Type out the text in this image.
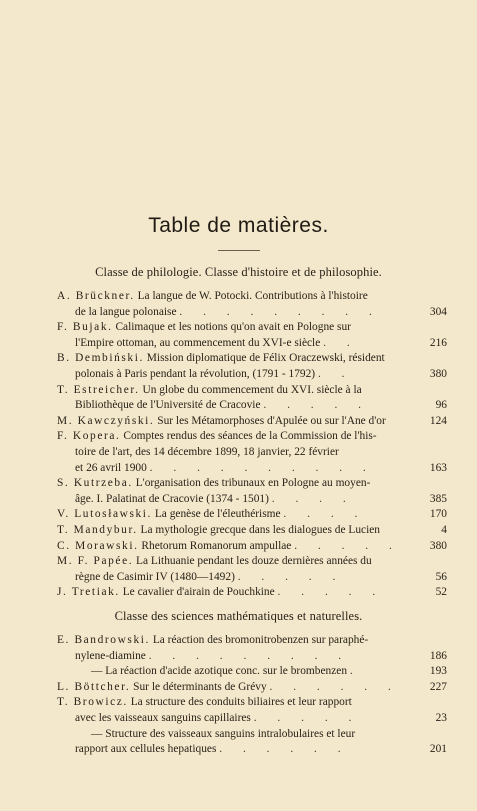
Table de matières.
Classe de philologie. Classe d'histoire et de philosophie.
A. Brückner. La langue de W. Potocki. Contributions à l'histoire
de la langue polonaise . . . . . . . . .	304
F. Bujak. Calimaque et les notions qu'on avait en Pologne sur
l'Empire ottoman, au commencement du XVI-e siècle . .	216
B. Dembiński. Mission diplomatique de Félix Oraczewski, résident
polonais à Paris pendant la révolution, (1791 - 1792) . .	380
T. Estreicher. Un globe du commencement du XVI. siècle à la
Bibliothèque de l'Université de Cracovie . . . . .	96
M. Kawczyński. Sur les Métamorphoses d'Apulée ou sur l'Ane d'or	124
F. Kopera. Comptes rendus des séances de la Commission de l'his-
toire de l'art, des 14 décembre 1899, 18 janvier, 22 février
et 26 avril 1900 . . . . . . . . . .	163
S. Kutrzeba. L'organisation des tribunaux en Pologne au moyen-
âge. I. Palatinat de Cracovie (1374 - 1501) . . . .	385
V. Lutosławski. La genèse de l'éleuthérisme . . . .	170
T. Mandybur. La mythologie grecque dans les dialogues de Lucien	4
C. Morawski. Rhetorum Romanorum ampullae . . . . .	380
M. F. Papée. La Lithuanie pendant les douze dernières années du
règne de Casimir IV (1480—1492) . . . . .	56
J. Tretiak. Le cavalier d'airain de Pouchkine . . . . .	52
Classe des sciences mathématiques et naturelles.
E. Bandrowski. La réaction des bromonitrobenzen sur paraphé-
nylene-diamine . . . . . . . . .	186
— La réaction d'acide azotique conc. sur le brombenzen .	193
L. Böttcher. Sur le déterminants de Grévy . . . . . .	227
T. Browicz. La structure des conduits biliaires et leur rapport
avec les vaisseaux sanguins capillaires . . . . .	23
— Structure des vaisseaux sanguins intralobulaires et leur
rapport aux cellules hepatiques . . . . . .	201
